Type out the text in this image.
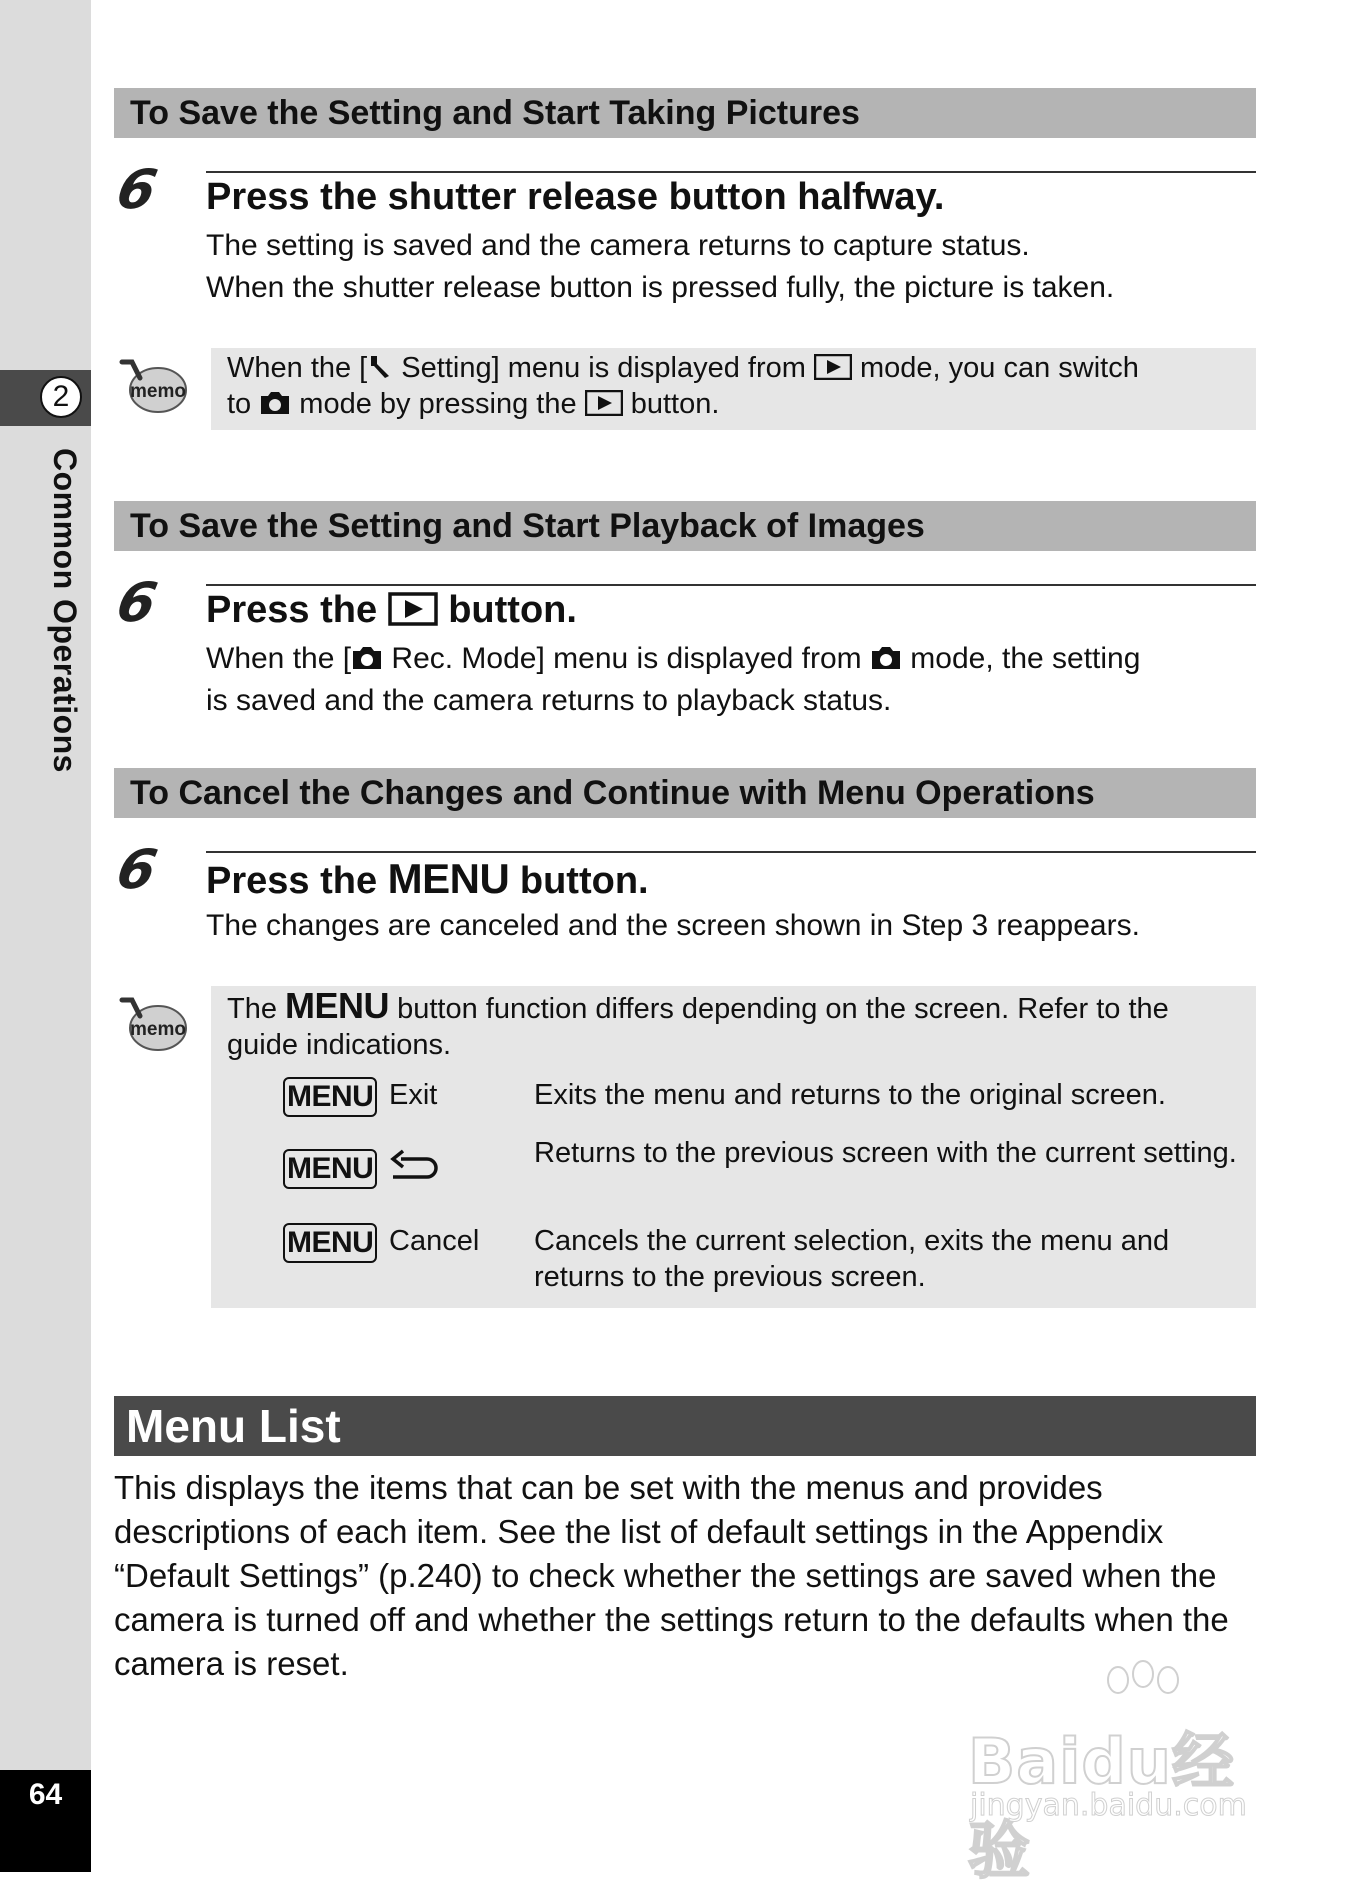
2
Common Operations
64
To Save the Setting and Start Taking Pictures
6 Press the shutter release button halfway.
The setting is saved and the camera returns to capture status.
When the shutter release button is pressed fully, the picture is taken.
memo
When the [ Setting] menu is displayed from  mode, you can switch
to  mode by pressing the  button.
To Save the Setting and Start Playback of Images
6 Press the  button.
When the [ Rec. Mode] menu is displayed from  mode, the setting
is saved and the camera returns to playback status.
To Cancel the Changes and Continue with Menu Operations
6 Press the MENU button.
The changes are canceled and the screen shown in Step 3 reappears.
memo
The MENU button function differs depending on the screen. Refer to the
guide indications.
MENU Exit	Exits the menu and returns to the original screen.
MENU	Returns to the previous screen with the current setting.
MENU Cancel Cancels the current selection, exits the menu and returns to the previous screen.
Menu List
This displays the items that can be set with the menus and provides descriptions of each item. See the list of default settings in the Appendix “Default Settings” (p.240) to check whether the settings are saved when the camera is turned off and whether the settings return to the defaults when the camera is reset.
Baidu经验
jingyan.baidu.com
